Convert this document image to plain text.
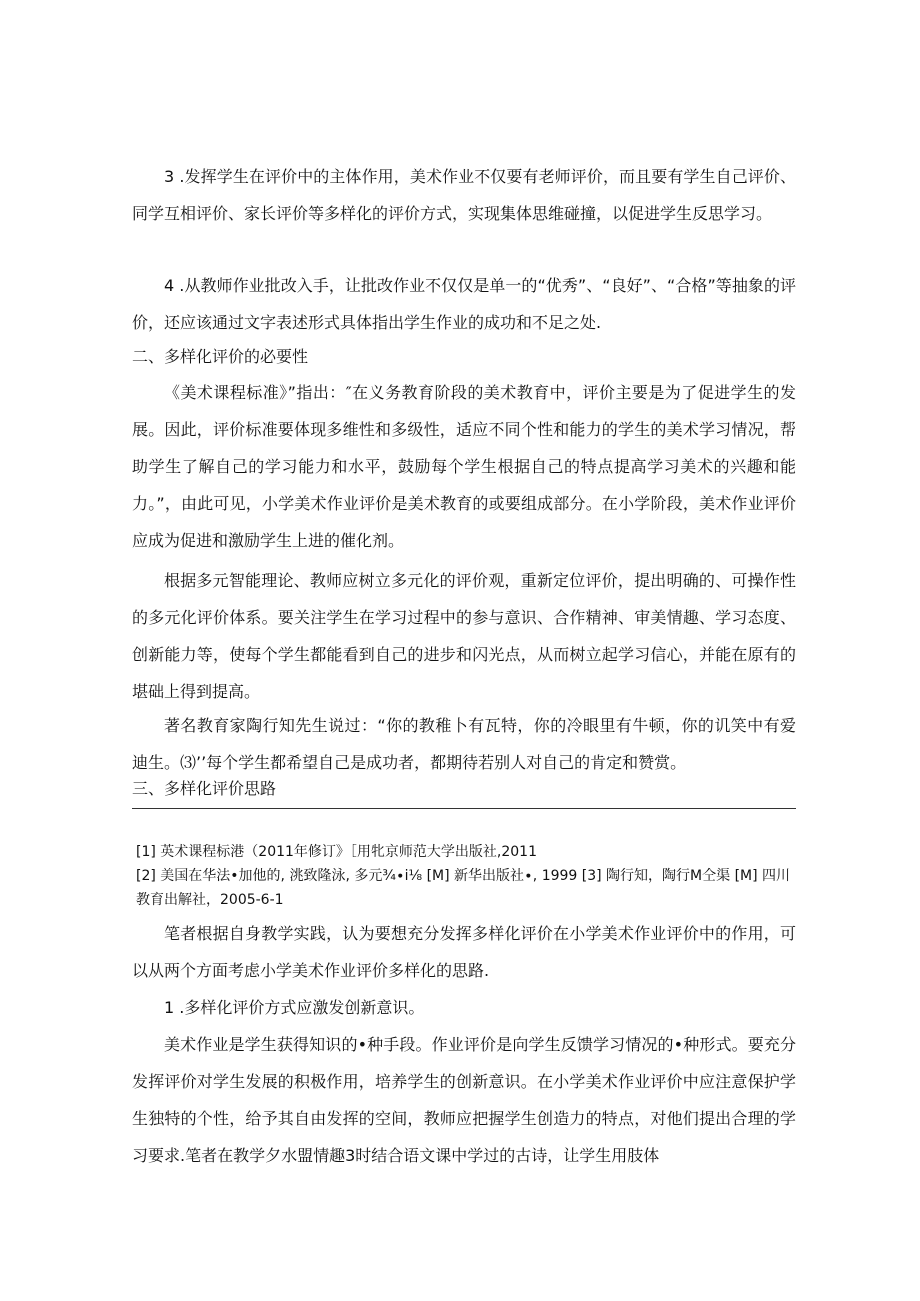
3 .发挥学生在评价中的主体作用，美术作业不仅要有老师评价，而且要有学生自己评价、同学互相评价、家长评价等多样化的评价方式，实现集体思维碰撞，以促进学生反思学习。

4 .从教师作业批改入手，让批改作业不仅仅是单一的“优秀”、“良好”、“合格”等抽象的评价，还应该通过文字表述形式具体指出学生作业的成功和不足之处.

二、多样化评价的必要性

《美术课程标准》”指出：″在义务教育阶段的美术教育中，评价主要是为了促进学生的发展。因此，评价标准要体现多维性和多级性，适应不同个性和能力的学生的美术学习情况，帮助学生了解自己的学习能力和水平，鼓励每个学生根据自己的特点提高学习美术的兴趣和能力。”，由此可见，小学美术作业评价是美术教育的或要组成部分。在小学阶段，美术作业评价应成为促进和激励学生上进的催化剂。

根据多元智能理论、教师应树立多元化的评价观，重新定位评价，提出明确的、可操作性的多元化评价体系。要关注学生在学习过程中的参与意识、合作精神、审美情趣、学习态度、创新能力等，使每个学生都能看到自己的进步和闪光点，从而树立起学习信心，并能在原有的堪础上得到提高。

著名教育家陶行知先生说过：“你的教稚卜有瓦特，你的冷眼里有牛顿，你的讥笑中有爱迪生。⑶’’每个学生都希望自己是成功者，都期待若别人对自己的肯定和赞赏。

三、多样化评价思路

[1] 英术课程标港（2011年修订》［用牝京师范大学出版社,2011

[2] 美国在华法•加他的, 洮致隆泳, 多元¾∙i⅛ [M] 新华出版社∙, 1999 [3] 陶行知，陶行M仝渠 [M] 四川教育出解社，2005-6-1

笔者根据自身教学实践，认为要想充分发挥多样化评价在小学美术作业评价中的作用，可以从两个方面考虑小学美术作业评价多样化的思路.

1 .多样化评价方式应激发创新意识。

美术作业是学生获得知识的•种手段。作业评价是向学生反馈学习情况的•种形式。要充分发挥评价对学生发展的积极作用，培养学生的创新意识。在小学美术作业评价中应注意保护学生独特的个性，给予其自由发挥的空间，教师应把握学生创造力的特点，对他们提出合理的学习要求.笔者在教学夕水盟情趣3时结合语文课中学过的古诗，让学生用肢体
